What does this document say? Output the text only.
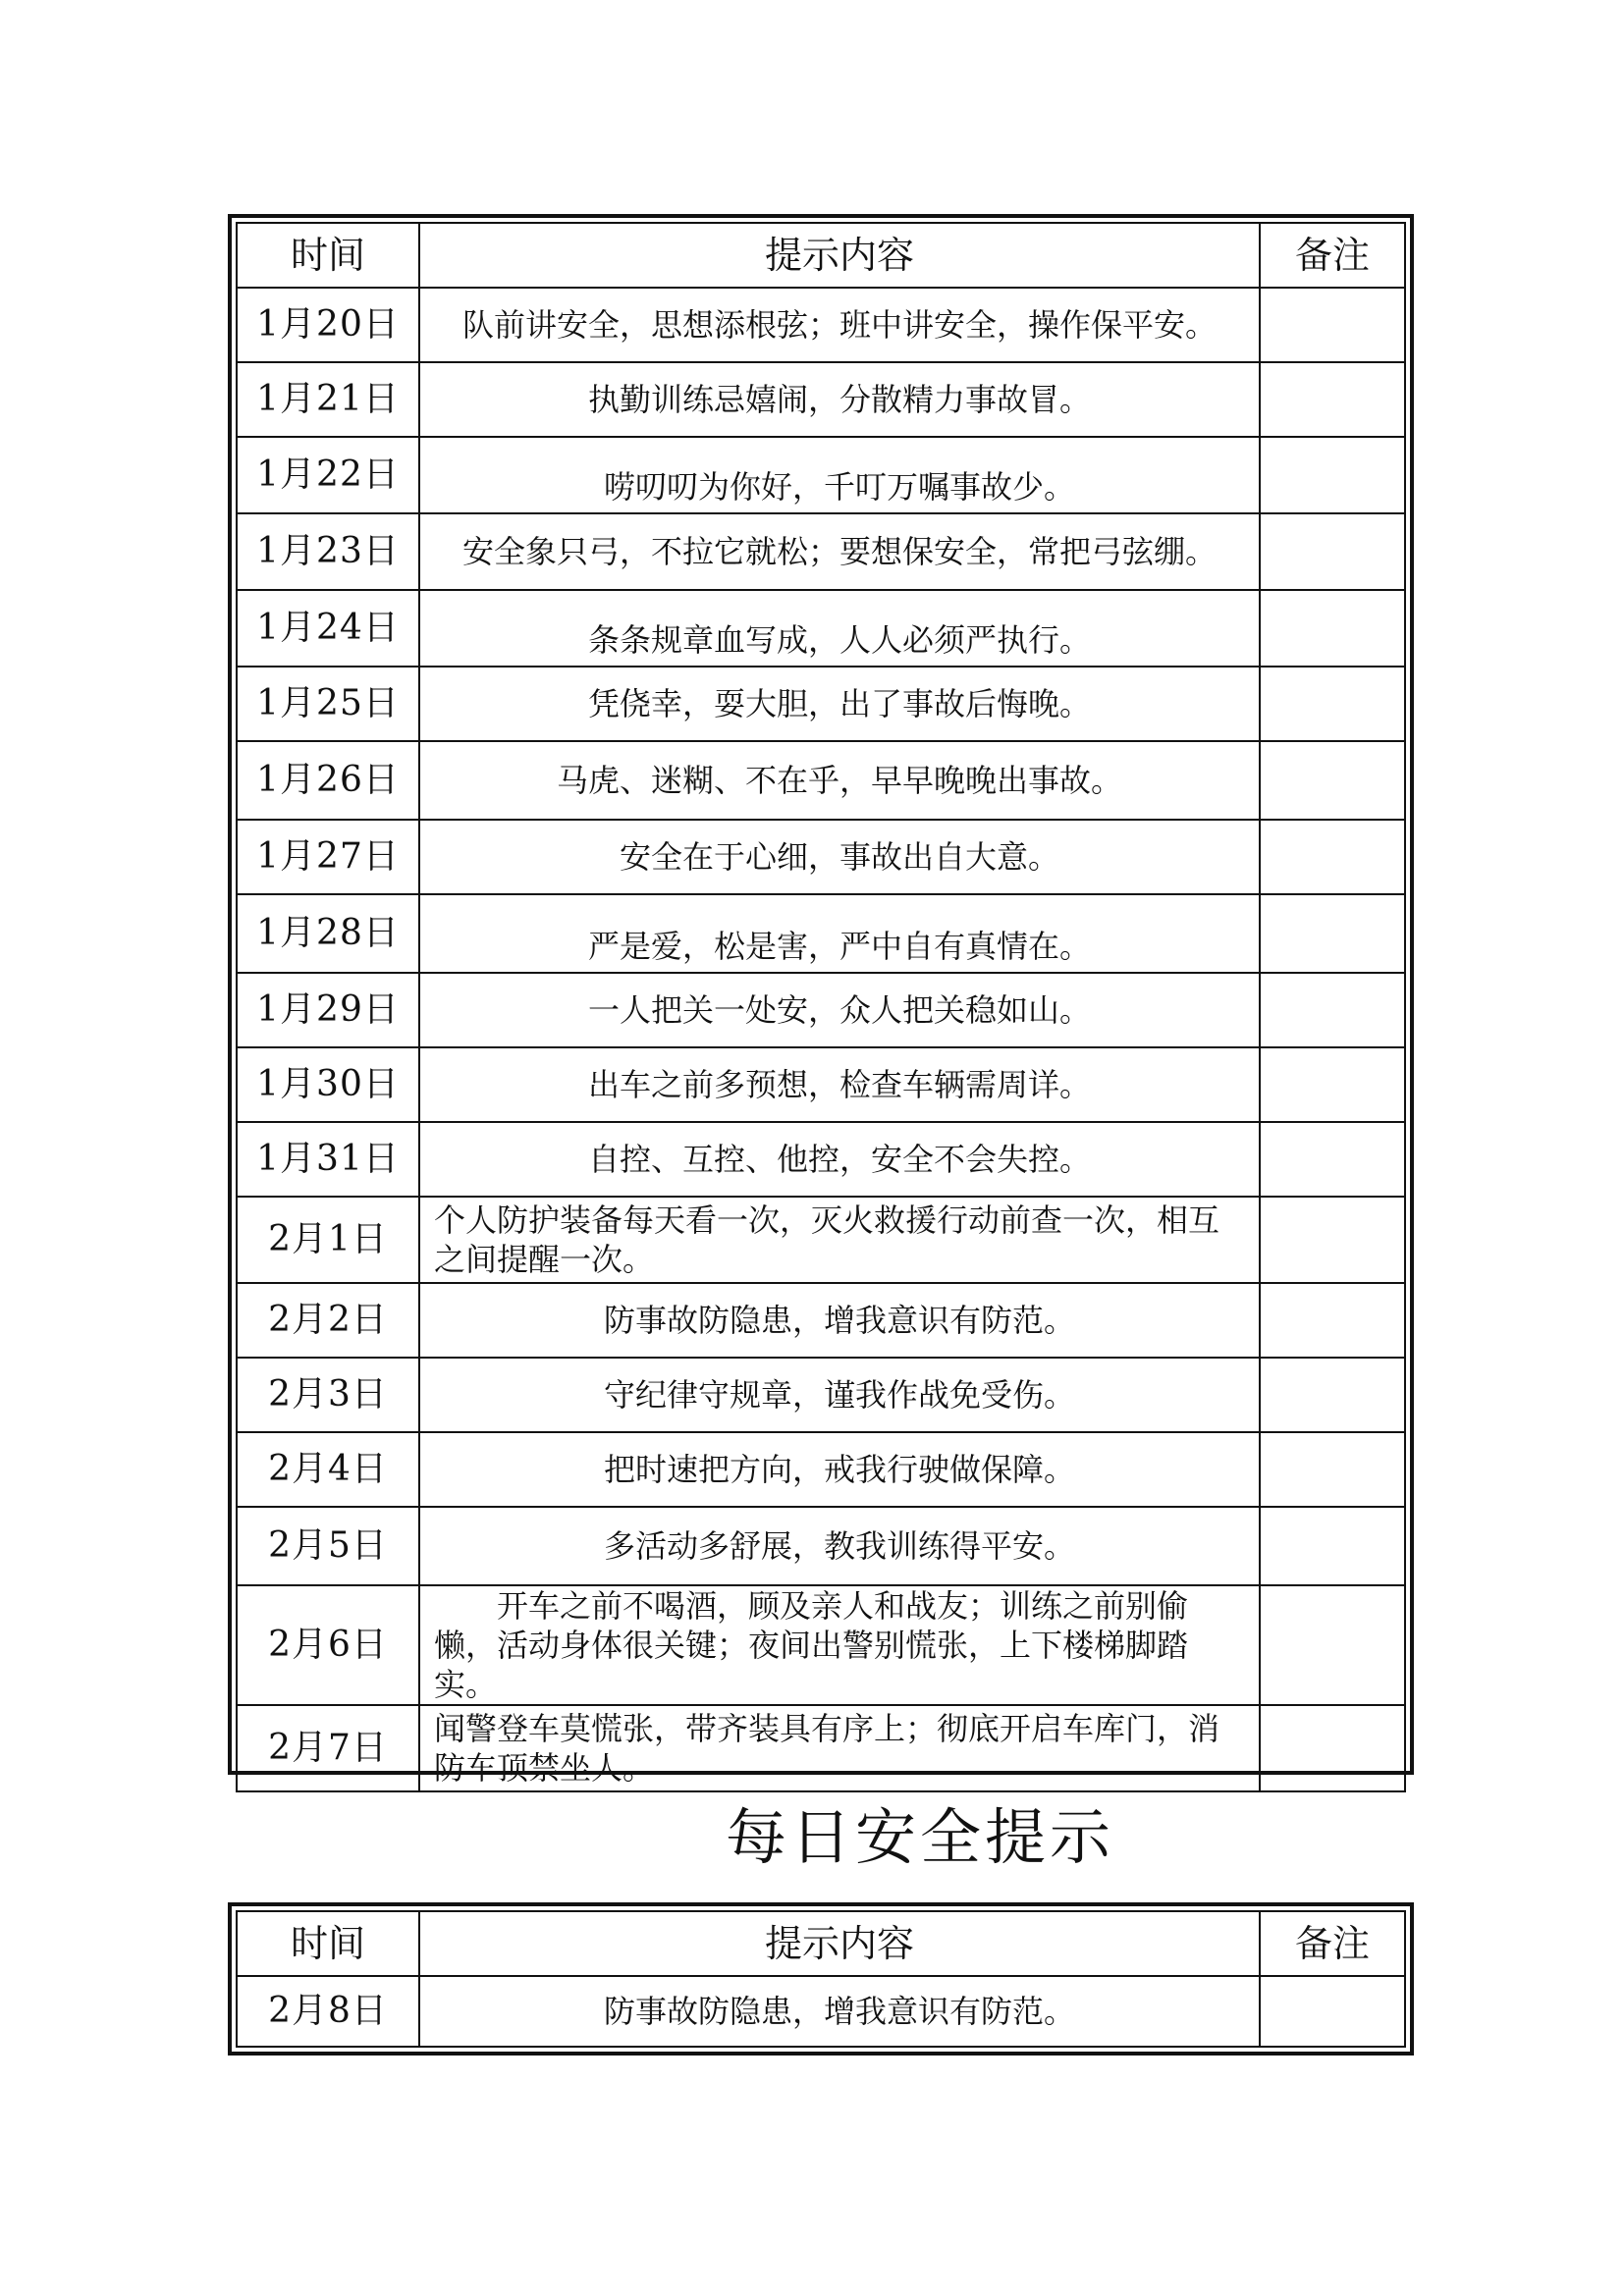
时间	提示内容	备注
1月20日	队前讲安全，思想添根弦；班中讲安全，操作保平安。	
1月21日	执勤训练忌嬉闹，分散精力事故冒。	
1月22日	唠叨叨为你好，千叮万嘱事故少。	
1月23日	安全象只弓，不拉它就松；要想保安全，常把弓弦绷。	
1月24日	条条规章血写成，人人必须严执行。	
1月25日	凭侥幸，耍大胆，出了事故后悔晚。	
1月26日	马虎、迷糊、不在乎，早早晚晚出事故。	
1月27日	安全在于心细，事故出自大意。	
1月28日	严是爱，松是害，严中自有真情在。	
1月29日	一人把关一处安，众人把关稳如山。	
1月30日	出车之前多预想，检查车辆需周详。	
1月31日	自控、互控、他控，安全不会失控。	
2月1日	个人防护装备每天看一次，灭火救援行动前查一次，相互之间提醒一次。	
2月2日	防事故防隐患，增我意识有防范。	
2月3日	守纪律守规章，谨我作战免受伤。	
2月4日	把时速把方向，戒我行驶做保障。	
2月5日	多活动多舒展，教我训练得平安。	
2月6日	开车之前不喝酒，顾及亲人和战友；训练之前别偷懒，活动身体很关键；夜间出警别慌张，上下楼梯脚踏实。	
2月7日	闻警登车莫慌张，带齐装具有序上；彻底开启车库门，消防车顶禁坐人。	
每日安全提示
时间	提示内容	备注
2月8日	防事故防隐患，增我意识有防范。	
